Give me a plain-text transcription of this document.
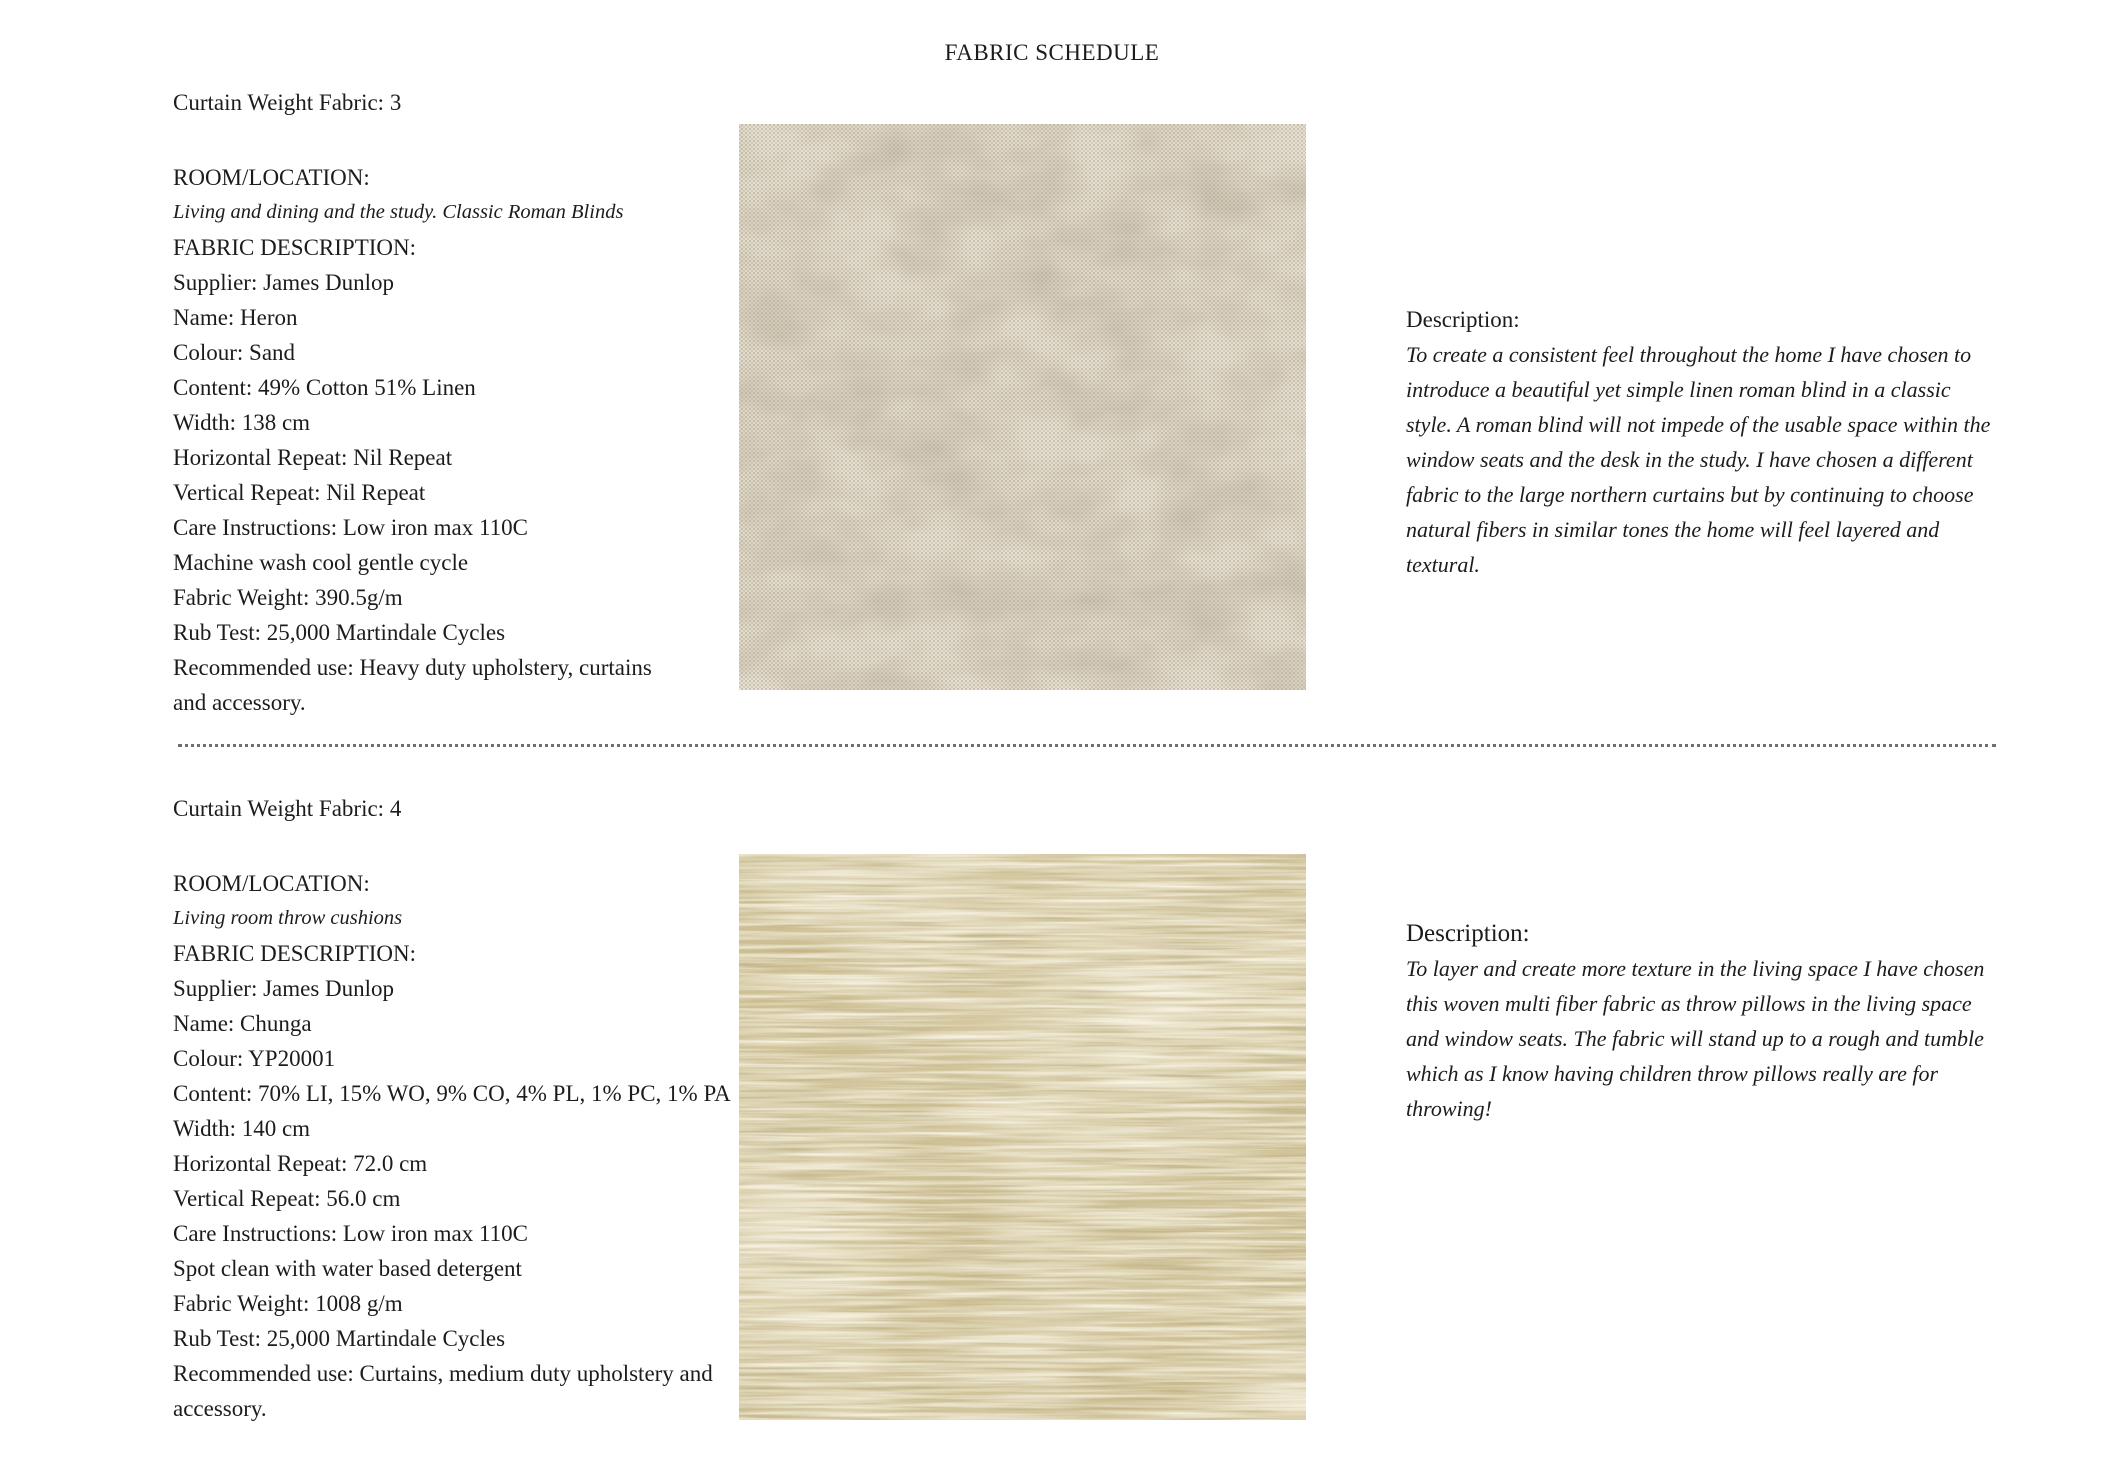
FABRIC SCHEDULE
Curtain Weight Fabric: 3
ROOM/LOCATION:
Living and dining and the study. Classic Roman Blinds
FABRIC DESCRIPTION:
Supplier: James Dunlop
Name: Heron
Colour: Sand
Content: 49% Cotton 51% Linen
Width: 138 cm
Horizontal Repeat: Nil Repeat
Vertical Repeat: Nil Repeat
Care Instructions: Low iron max 110C
Machine wash cool gentle cycle
Fabric Weight: 390.5g/m
Rub Test: 25,000 Martindale Cycles
Recommended use: Heavy duty upholstery, curtains and accessory.
Description:
To create a consistent feel throughout the home I have chosen to introduce a beautiful yet simple linen roman blind in a classic style. A roman blind will not impede of the usable space within the window seats and the desk in the study. I have chosen a different fabric to the large northern curtains but by continuing to choose natural fibers in similar tones the home will feel layered and textural.
Curtain Weight Fabric: 4
ROOM/LOCATION:
Living room throw cushions
FABRIC DESCRIPTION:
Supplier: James Dunlop
Name: Chunga
Colour: YP20001
Content: 70% LI, 15% WO, 9% CO, 4% PL, 1% PC, 1% PA
Width: 140 cm
Horizontal Repeat: 72.0 cm
Vertical Repeat: 56.0 cm
Care Instructions: Low iron max 110C
Spot clean with water based detergent
Fabric Weight: 1008 g/m
Rub Test: 25,000 Martindale Cycles
Recommended use: Curtains, medium duty upholstery and accessory.
Description:
To layer and create more texture in the living space I have chosen this woven multi fiber fabric as throw pillows in the living space and window seats. The fabric will stand up to a rough and tumble which as I know having children throw pillows really are for throwing!
